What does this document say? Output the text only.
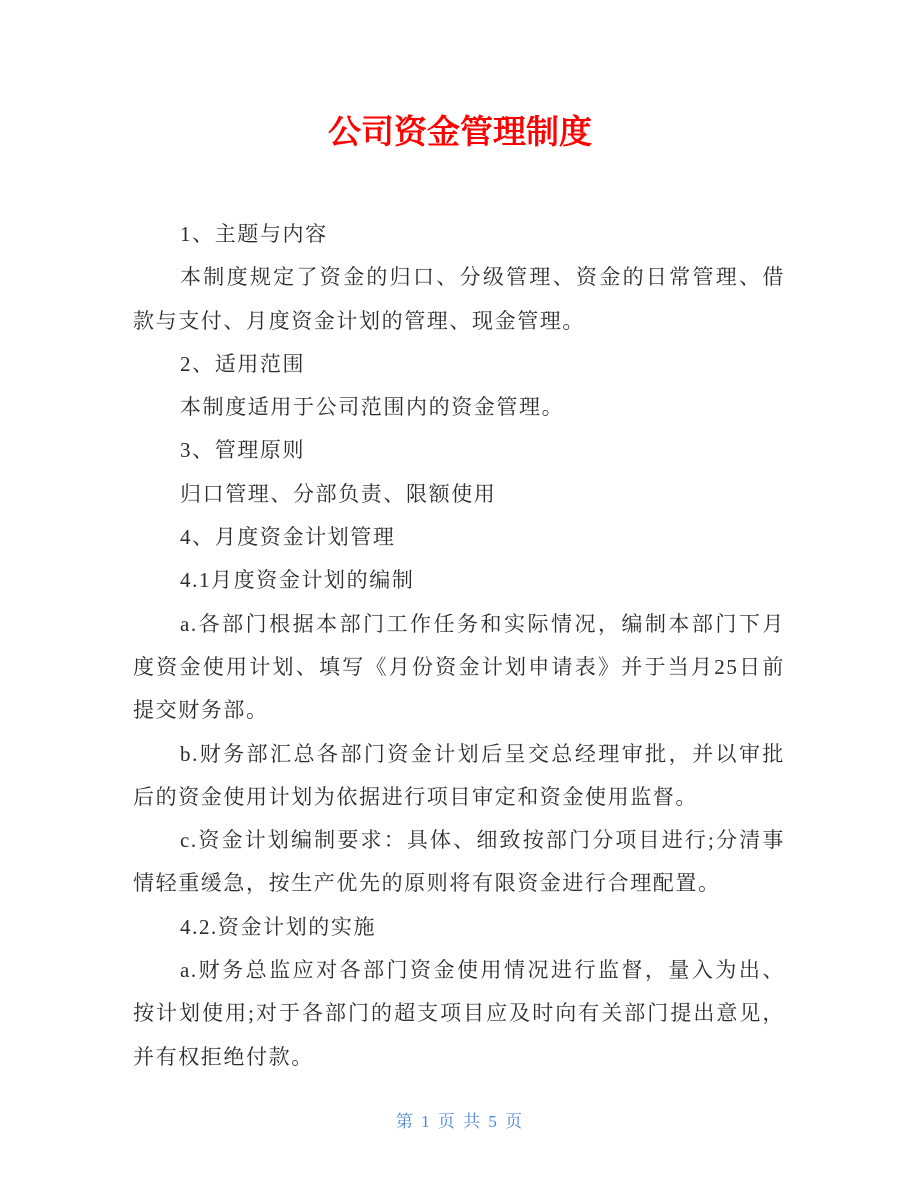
公司资金管理制度

1、主题与内容

本制度规定了资金的归口、分级管理、资金的日常管理、借款与支付、月度资金计划的管理、现金管理。

2、适用范围

本制度适用于公司范围内的资金管理。

3、管理原则

归口管理、分部负责、限额使用

4、月度资金计划管理

4.1月度资金计划的编制

a.各部门根据本部门工作任务和实际情况，编制本部门下月度资金使用计划、填写《月份资金计划申请表》并于当月25日前提交财务部。

b.财务部汇总各部门资金计划后呈交总经理审批，并以审批后的资金使用计划为依据进行项目审定和资金使用监督。

c.资金计划编制要求：具体、细致按部门分项目进行;分清事情轻重缓急，按生产优先的原则将有限资金进行合理配置。

4.2.资金计划的实施

a.财务总监应对各部门资金使用情况进行监督，量入为出、按计划使用;对于各部门的超支项目应及时向有关部门提出意见，并有权拒绝付款。

第 1 页 共 5 页
